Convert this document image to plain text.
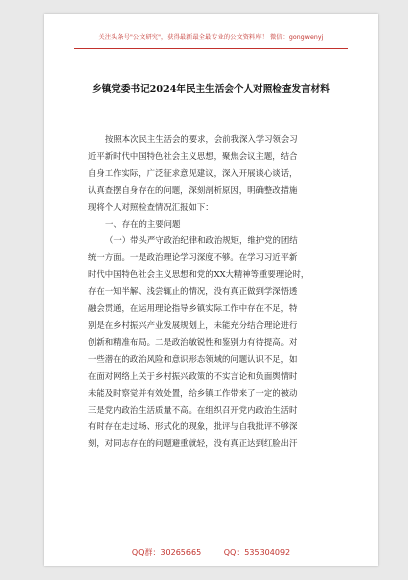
关注头条号"公文研究"，获得最新最全最专业的公文资料库！ 微信：gongwenyj
乡镇党委书记2024年民主生活会个人对照检查发言材料
按照本次民主生活会的要求，会前我深入学习领会习
近平新时代中国特色社会主义思想，聚焦会议主题，结合
自身工作实际，广泛征求意见建议，深入开展谈心谈话，
认真查摆自身存在的问题，深刻剖析原因，明确整改措施
现将个人对照检查情况汇报如下：
一、存在的主要问题
（一）带头严守政治纪律和政治规矩，维护党的团结
统一方面。一是政治理论学习深度不够。在学习习近平新
时代中国特色社会主义思想和党的XX大精神等重要理论时，
存在一知半解、浅尝辄止的情况，没有真正做到学深悟透
融会贯通，在运用理论指导乡镇实际工作中存在不足，特
别是在乡村振兴产业发展规划上，未能充分结合理论进行
创新和精准布局。二是政治敏锐性和鉴别力有待提高。对
一些潜在的政治风险和意识形态领域的问题认识不足，如
在面对网络上关于乡村振兴政策的不实言论和负面舆情时
未能及时察觉并有效处置，给乡镇工作带来了一定的被动
三是党内政治生活质量不高。在组织召开党内政治生活时
有时存在走过场、形式化的现象，批评与自我批评不够深
刻，对同志存在的问题避重就轻，没有真正达到红脸出汗
QQ群：30265665	QQ：535304092
